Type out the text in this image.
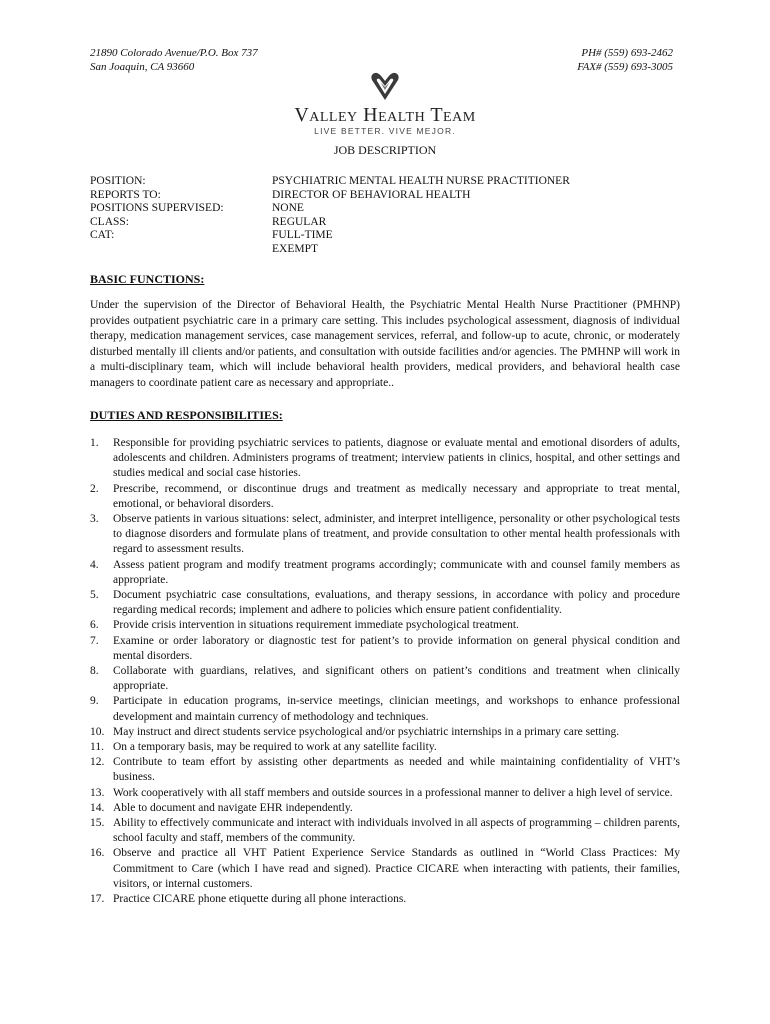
21890 Colorado Avenue/P.O. Box 737
San Joaquin, CA 93660
PH# (559) 693-2462
FAX# (559) 693-3005
Valley Health Team
LIVE BETTER. VIVE MEJOR.
JOB DESCRIPTION
POSITION:	PSYCHIATRIC MENTAL HEALTH NURSE PRACTITIONER
REPORTS TO:	DIRECTOR OF BEHAVIORAL HEALTH
POSITIONS SUPERVISED:	NONE
CLASS:	REGULAR
CAT:	FULL-TIME
EXEMPT
BASIC FUNCTIONS:
Under the supervision of the Director of Behavioral Health, the Psychiatric Mental Health Nurse Practitioner (PMHNP) provides outpatient psychiatric care in a primary care setting. This includes psychological assessment, diagnosis of individual therapy, medication management services, case management services, referral, and follow-up to acute, chronic, or moderately disturbed mentally ill clients and/or patients, and consultation with outside facilities and/or agencies. The PMHNP will work in a multi-disciplinary team, which will include behavioral health providers, medical providers, and behavioral health case managers to coordinate patient care as necessary and appropriate..
DUTIES AND RESPONSIBILITIES:
1.	Responsible for providing psychiatric services to patients, diagnose or evaluate mental and emotional disorders of adults, adolescents and children. Administers programs of treatment; interview patients in clinics, hospital, and other settings and studies medical and social case histories.
2.	Prescribe, recommend, or discontinue drugs and treatment as medically necessary and appropriate to treat mental, emotional, or behavioral disorders.
3.	Observe patients in various situations: select, administer, and interpret intelligence, personality or other psychological tests to diagnose disorders and formulate plans of treatment, and provide consultation to other mental health professionals with regard to assessment results.
4.	Assess patient program and modify treatment programs accordingly; communicate with and counsel family members as appropriate.
5.	Document psychiatric case consultations, evaluations, and therapy sessions, in accordance with policy and procedure regarding medical records; implement and adhere to policies which ensure patient confidentiality.
6.	Provide crisis intervention in situations requirement immediate psychological treatment.
7.	Examine or order laboratory or diagnostic test for patient’s to provide information on general physical condition and mental disorders.
8.	Collaborate with guardians, relatives, and significant others on patient’s conditions and treatment when clinically appropriate.
9.	Participate in education programs, in-service meetings, clinician meetings, and workshops to enhance professional development and maintain currency of methodology and techniques.
10. May instruct and direct students service psychological and/or psychiatric internships in a primary care setting.
11. On a temporary basis, may be required to work at any satellite facility.
12. Contribute to team effort by assisting other departments as needed and while maintaining confidentiality of VHT’s business.
13. Work cooperatively with all staff members and outside sources in a professional manner to deliver a high level of service.
14. Able to document and navigate EHR independently.
15. Ability to effectively communicate and interact with individuals involved in all aspects of programming – children parents, school faculty and staff, members of the community.
16. Observe and practice all VHT Patient Experience Service Standards as outlined in “World Class Practices: My Commitment to Care (which I have read and signed). Practice CICARE when interacting with patients, their families, visitors, or internal customers.
17. Practice CICARE phone etiquette during all phone interactions.
